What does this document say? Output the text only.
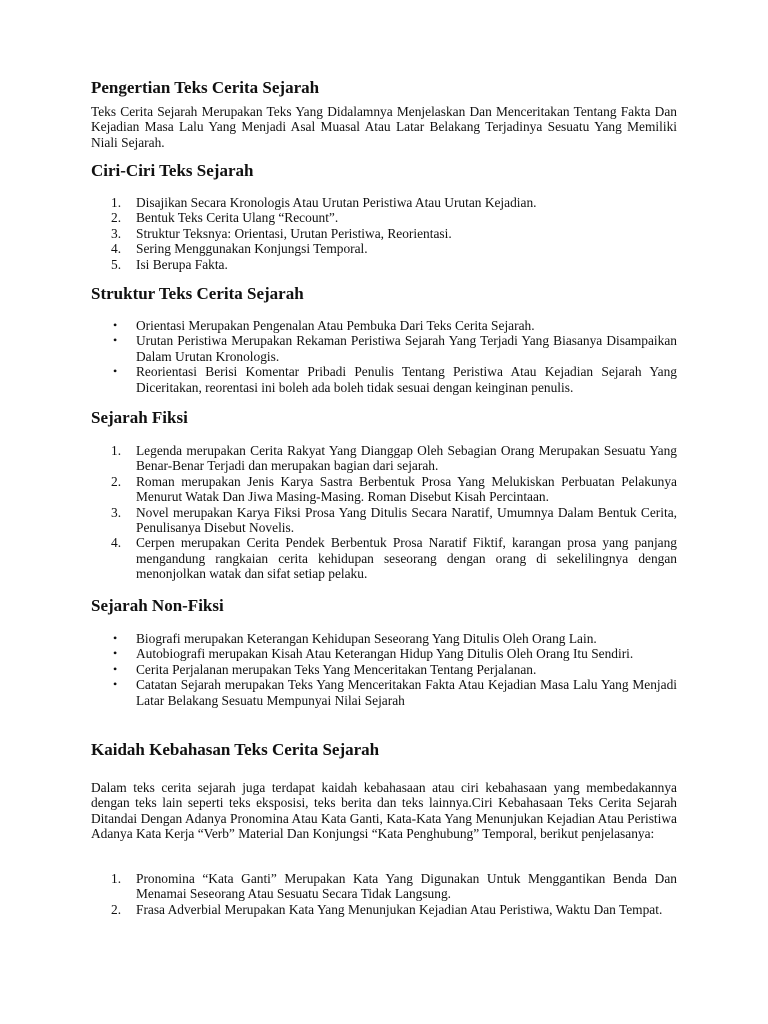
Pengertian Teks Cerita Sejarah

Teks Cerita Sejarah Merupakan Teks Yang Didalamnya Menjelaskan Dan Menceritakan Tentang Fakta Dan Kejadian Masa Lalu Yang Menjadi Asal Muasal Atau Latar Belakang Terjadinya Sesuatu Yang Memiliki Niali Sejarah.

Ciri-Ciri Teks Sejarah
1.	Disajikan Secara Kronologis Atau Urutan Peristiwa Atau Urutan Kejadian.
2.	Bentuk Teks Cerita Ulang “Recount”.
3.	Struktur Teksnya: Orientasi, Urutan Peristiwa, Reorientasi.
4.	Sering Menggunakan Konjungsi Temporal.
5.	Isi Berupa Fakta.
Struktur Teks Cerita Sejarah
•	Orientasi Merupakan Pengenalan Atau Pembuka Dari Teks Cerita Sejarah.
•	Urutan Peristiwa Merupakan Rekaman Peristiwa Sejarah Yang Terjadi Yang Biasanya Disampaikan Dalam Urutan Kronologis.
•	Reorientasi Berisi Komentar Pribadi Penulis Tentang Peristiwa Atau Kejadian Sejarah Yang Diceritakan, reorentasi ini boleh ada boleh tidak sesuai dengan keinginan penulis.
Sejarah Fiksi
1.	Legenda merupakan Cerita Rakyat Yang Dianggap Oleh Sebagian Orang Merupakan Sesuatu Yang Benar-Benar Terjadi dan merupakan bagian dari sejarah.
2.	Roman merupakan Jenis Karya Sastra Berbentuk Prosa Yang Melukiskan Perbuatan Pelakunya Menurut Watak Dan Jiwa Masing-Masing. Roman Disebut Kisah Percintaan.
3.	Novel merupakan Karya Fiksi Prosa Yang Ditulis Secara Naratif, Umumnya Dalam Bentuk Cerita, Penulisanya Disebut Novelis.
4.	Cerpen merupakan Cerita Pendek Berbentuk Prosa Naratif Fiktif, karangan prosa yang panjang mengandung rangkaian cerita kehidupan seseorang dengan orang di sekelilingnya dengan menonjolkan watak dan sifat setiap pelaku.
Sejarah Non-Fiksi
•	Biografi merupakan Keterangan Kehidupan Seseorang Yang Ditulis Oleh Orang Lain.
•	Autobiografi merupakan Kisah Atau Keterangan Hidup Yang Ditulis Oleh Orang Itu Sendiri.
•	Cerita Perjalanan merupakan Teks Yang Menceritakan Tentang Perjalanan.
•	Catatan Sejarah merupakan Teks Yang Menceritakan Fakta Atau Kejadian Masa Lalu Yang Menjadi Latar Belakang Sesuatu Mempunyai Nilai Sejarah
Kaidah Kebahasan Teks Cerita Sejarah

Dalam teks cerita sejarah juga terdapat kaidah kebahasaan atau ciri kebahasaan yang membedakannya dengan teks lain seperti teks eksposisi, teks berita dan teks lainnya.Ciri Kebahasaan Teks Cerita Sejarah Ditandai Dengan Adanya Pronomina Atau Kata Ganti, Kata-Kata Yang Menunjukan Kejadian Atau Peristiwa Adanya Kata Kerja “Verb” Material Dan Konjungsi “Kata Penghubung” Temporal, berikut penjelasanya:

1.	Pronomina “Kata Ganti” Merupakan Kata Yang Digunakan Untuk Menggantikan Benda Dan Menamai Seseorang Atau Sesuatu Secara Tidak Langsung.
2.	Frasa Adverbial Merupakan Kata Yang Menunjukan Kejadian Atau Peristiwa, Waktu Dan Tempat.
